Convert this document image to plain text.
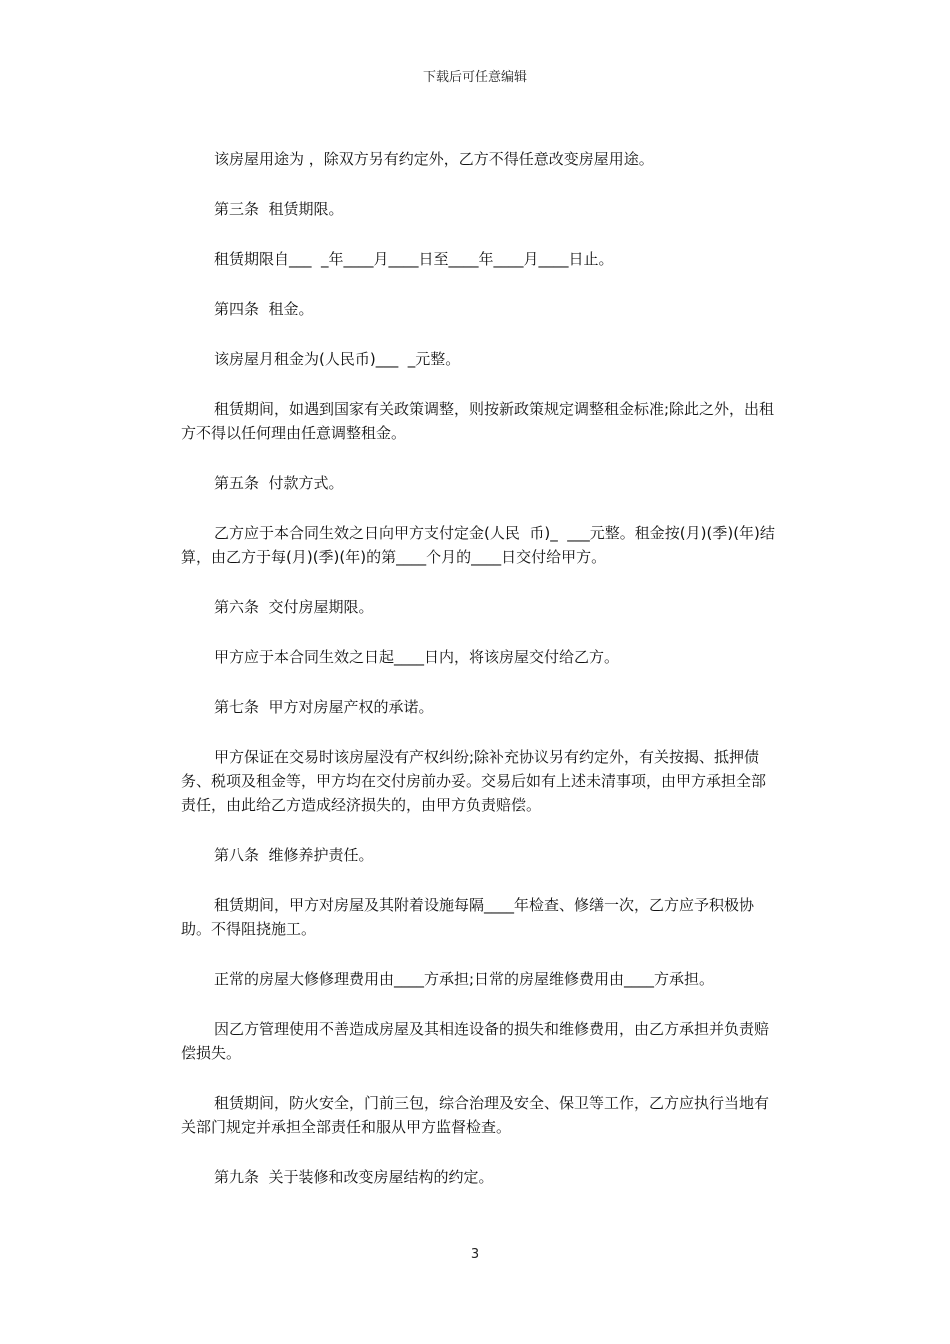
下载后可任意编辑

该房屋用途为 ，除双方另有约定外，乙方不得任意改变房屋用途。

第三条  租赁期限。

租赁期限自___  _年____月____日至____年____月____日止。

第四条  租金。

该房屋月租金为(人民币)___  _元整。

租赁期间，如遇到国家有关政策调整，则按新政策规定调整租金标准;除此之外，出租方不得以任何理由任意调整租金。

第五条  付款方式。

乙方应于本合同生效之日向甲方支付定金(人民  币)_  ___元整。租金按(月)(季)(年)结算，由乙方于每(月)(季)(年)的第____个月的____日交付给甲方。

第六条  交付房屋期限。

甲方应于本合同生效之日起____日内，将该房屋交付给乙方。

第七条  甲方对房屋产权的承诺。

甲方保证在交易时该房屋没有产权纠纷;除补充协议另有约定外，有关按揭、抵押债务、税项及租金等，甲方均在交付房前办妥。交易后如有上述未清事项，由甲方承担全部责任，由此给乙方造成经济损失的，由甲方负责赔偿。

第八条  维修养护责任。

租赁期间，甲方对房屋及其附着设施每隔____年检查、修缮一次，乙方应予积极协助。不得阻挠施工。

正常的房屋大修修理费用由____方承担;日常的房屋维修费用由____方承担。

因乙方管理使用不善造成房屋及其相连设备的损失和维修费用，由乙方承担并负责赔偿损失。

租赁期间，防火安全，门前三包，综合治理及安全、保卫等工作，乙方应执行当地有关部门规定并承担全部责任和服从甲方监督检查。

第九条  关于装修和改变房屋结构的约定。

3
